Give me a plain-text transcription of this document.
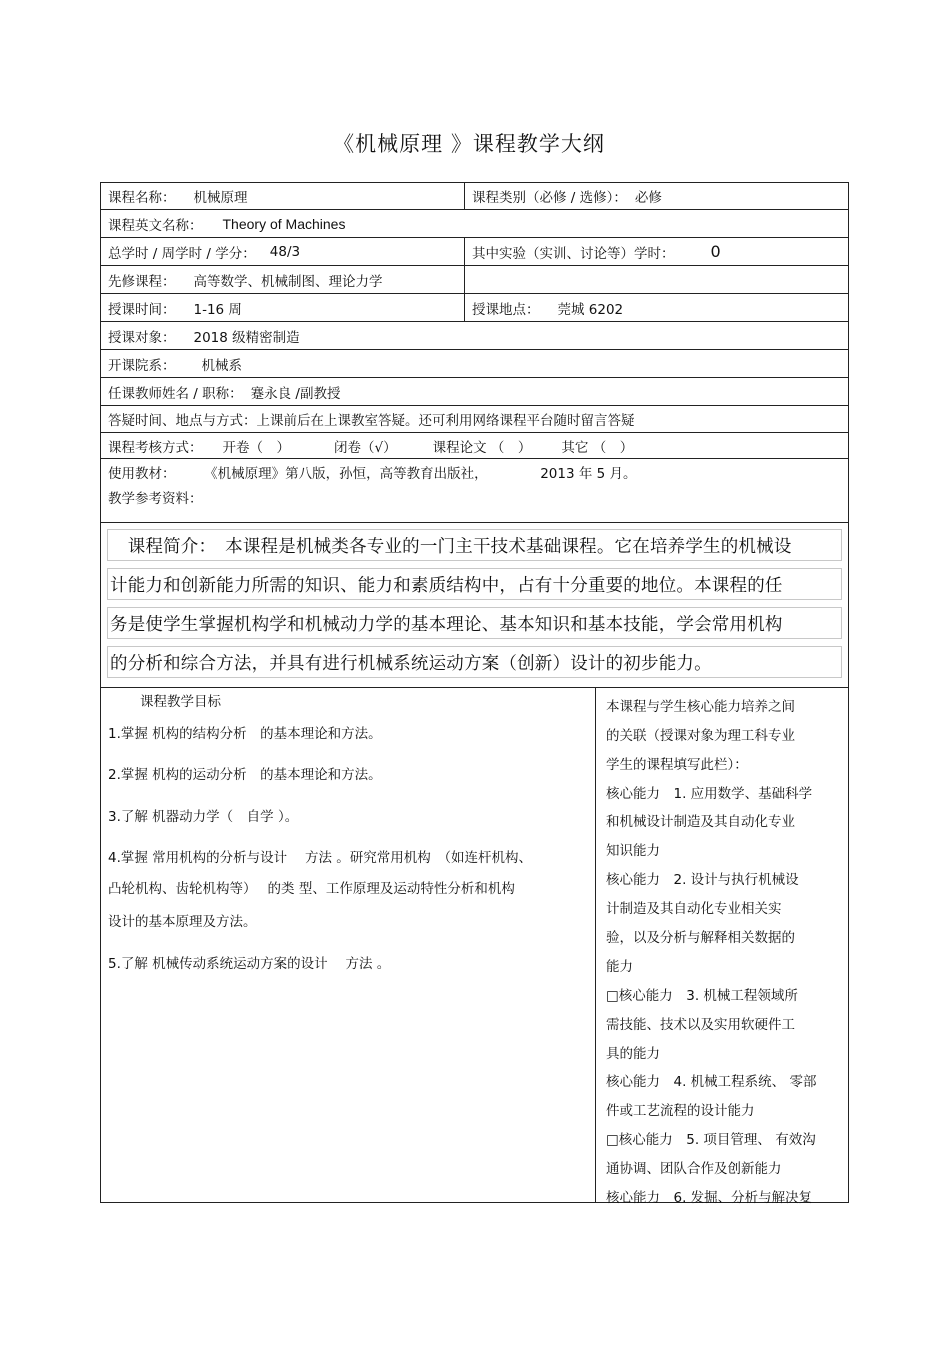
《机械原理 》课程教学大纲
课程名称： 机械原理	课程类别（必修 / 选修）： 必修
课程英文名称： Theory of Machines
总学时 / 周学时 / 学分： 48/3	其中实验（实训、讨论等）学时： 0
先修课程： 高等数学、机械制图、理论力学
授课时间： 1-16 周	授课地点： 莞城 6202
授课对象： 2018 级精密制造
开课院系： 机械系
任课教师姓名 / 职称： 蹇永良 /副教授
答疑时间、地点与方式：上课前后在上课教室答疑。还可利用网络课程平台随时留言答疑
课程考核方式： 开卷（　）	闭卷（√）	课程论文 （　） 其它 （　）
使用教材： 《机械原理》第八版，孙恒，高等教育出版社，	2013 年 5 月。
教学参考资料：
　课程简介：　本课程是机械类各专业的一门主干技术基础课程。它在培养学生的机械设
计能力和创新能力所需的知识、能力和素质结构中，占有十分重要的地位。本课程的任
务是使学生掌握机构学和机械动力学的基本理论、基本知识和基本技能，学会常用机构
的分析和综合方法，并具有进行机械系统运动方案（创新）设计的初步能力。
课程教学目标
1.掌握 机构的结构分析　的基本理论和方法。
2.掌握 机构的运动分析　的基本理论和方法。
3.了解 机器动力学（　自学 ）。
4.掌握 常用机构的分析与设计　 方法 。研究常用机构　（如连杆机构、
凸轮机构、齿轮机构等）　 的类 型、工作原理及运动特性分析和机构
设计的基本原理及方法。
5.了解 机械传动系统运动方案的设计　 方法 。
本课程与学生核心能力培养之间
的关联（授课对象为理工科专业
学生的课程填写此栏）：
核心能力　1. 应用数学、基础科学
和机械设计制造及其自动化专业
知识能力
核心能力　2. 设计与执行机械设
计制造及其自动化专业相关实
验，以及分析与解释相关数据的
能力
□核心能力　3. 机械工程领域所
需技能、技术以及实用软硬件工
具的能力
核心能力　4. 机械工程系统、 零部
件或工艺流程的设计能力
□核心能力　5. 项目管理、 有效沟
通协调、团队合作及创新能力
核心能力　6. 发掘、分析与解决复
